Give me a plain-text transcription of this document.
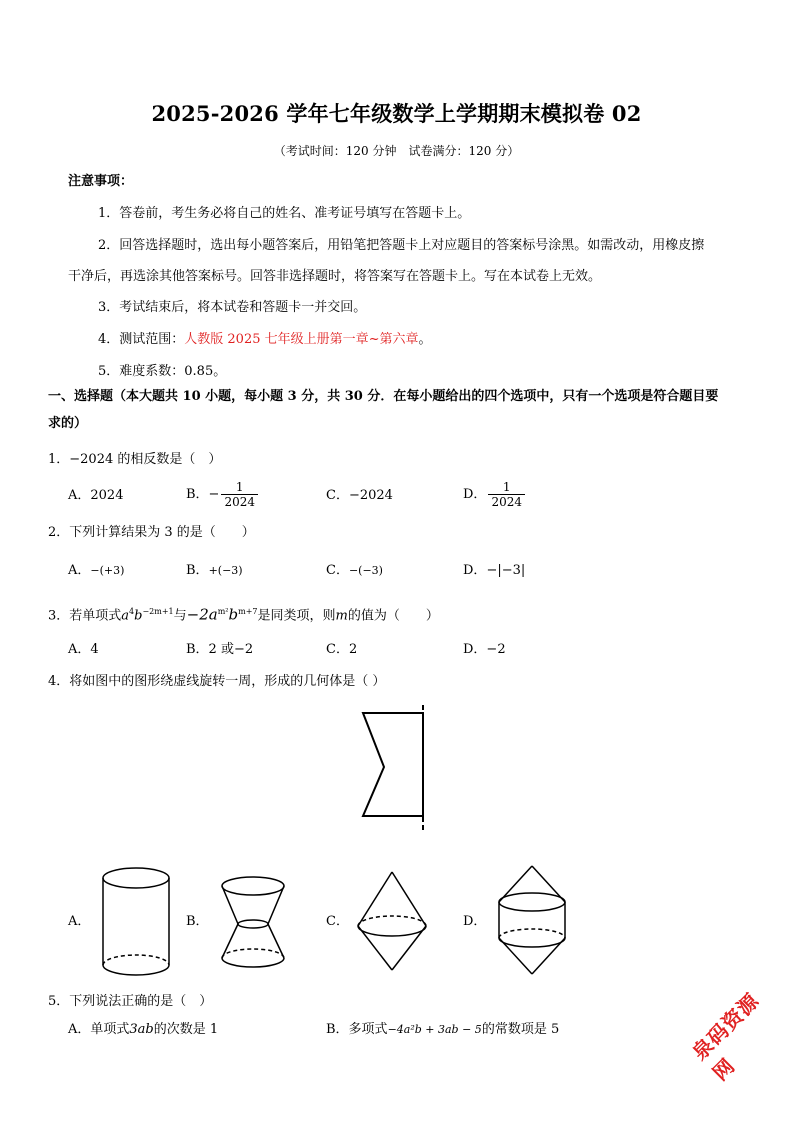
2025-2026 学年七年级数学上学期期末模拟卷 02
（考试时间：120 分钟　试卷满分：120 分）
注意事项：
1．答卷前，考生务必将自己的姓名、准考证号填写在答题卡上。
2．回答选择题时，选出每小题答案后，用铅笔把答题卡上对应题目的答案标号涂黑。如需改动，用橡皮擦
干净后，再选涂其他答案标号。回答非选择题时，将答案写在答题卡上。写在本试卷上无效。
3．考试结束后，将本试卷和答题卡一并交回。
4．测试范围：人教版 2025 七年级上册第一章~第六章。
5．难度系数：0.85。
一、选择题（本大题共 10 小题，每小题 3 分，共 30 分．在每小题给出的四个选项中，只有一个选项是符合题目要
求的）
1．−2024 的相反数是（　）
A．2024	B．− $\frac{1}{2024}$	C．−2024	D． $\frac{1}{2024}$
2．下列计算结果为 3 的是（　　）
A．−(+3)	B．+(−3)	C．−(−3)	D．−|−3|
3．若单项式$a^4b^{-2m+1}$与$-2a^{m^2}b^{m+7}$是同类项，则m的值为（　　）
A．4	B．2 或−2	C．2	D．−2
4．将如图中的图形绕虚线旋转一周，形成的几何体是（ ）
A．	B．	C．	D．
5．下列说法正确的是（　）
A．单项式3ab的次数是 1	B．多项式−4a²b + 3ab − 5的常数项是 5	泉码资源网
